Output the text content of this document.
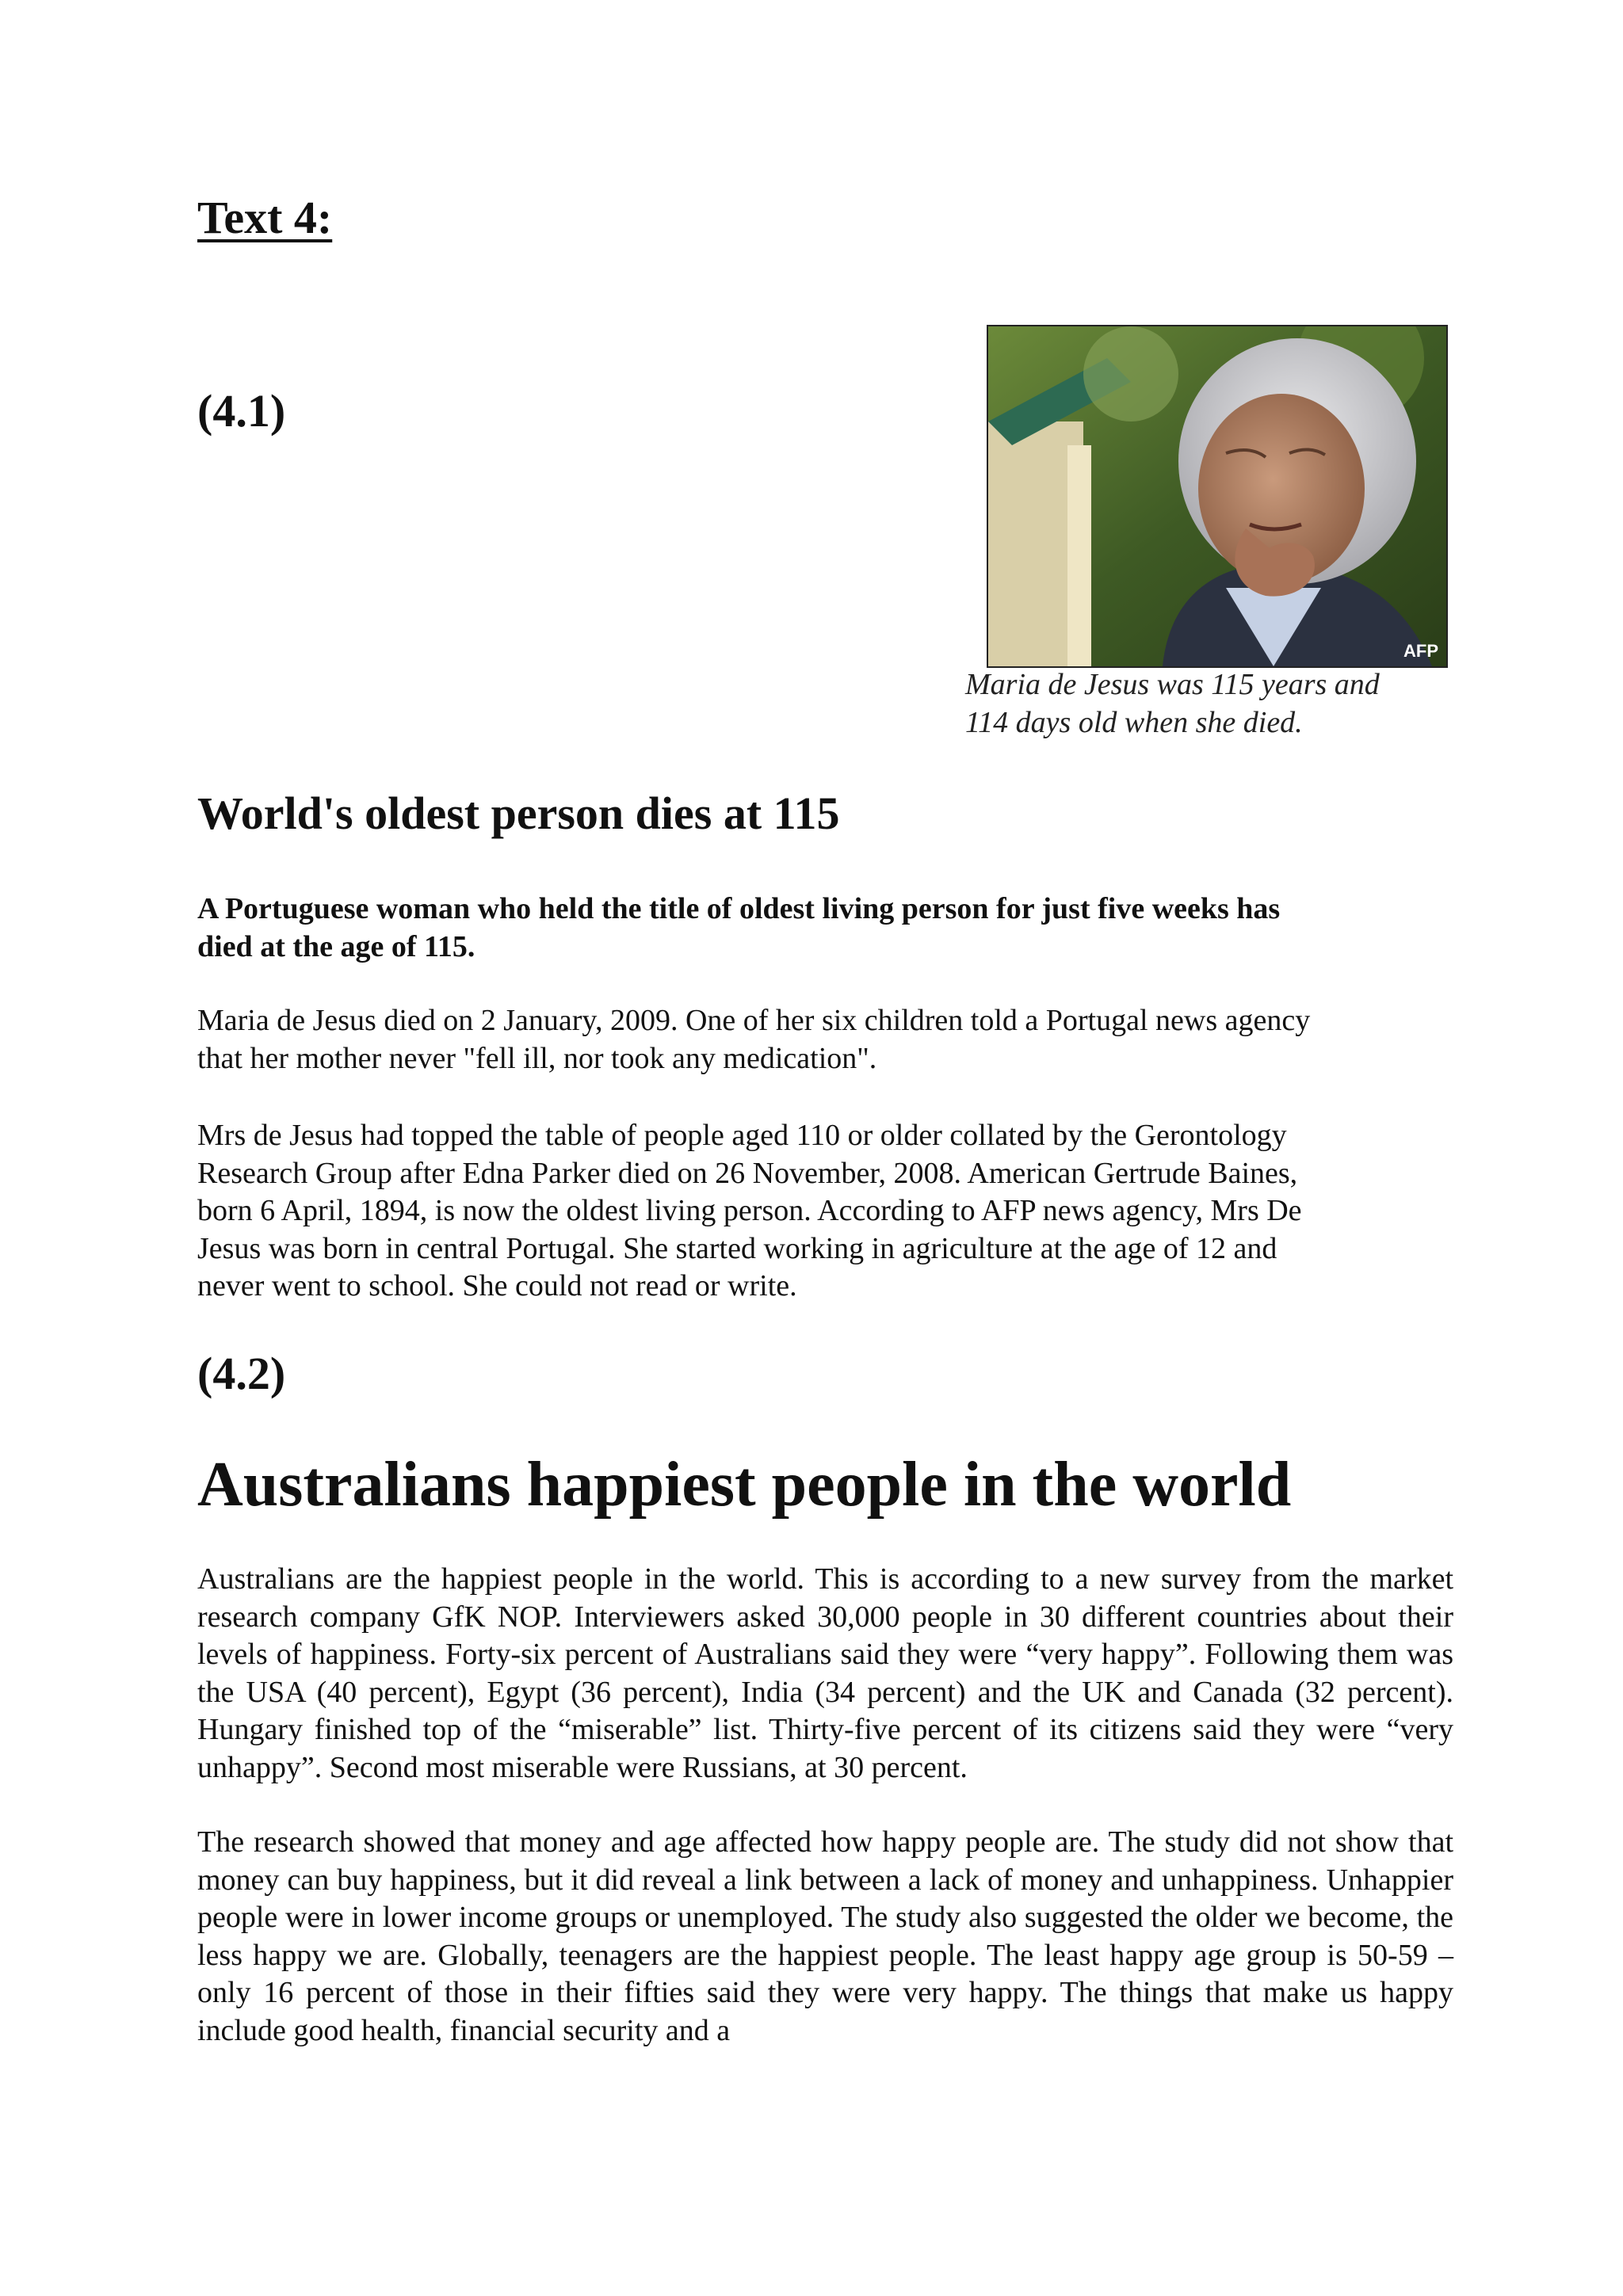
Text 4:
(4.1)
AFP

Maria de Jesus was 115 years and
114 days old when she died.

World's oldest person dies at 115

A Portuguese woman who held the title of oldest living person for just five weeks has
died at the age of 115.

Maria de Jesus died on 2 January, 2009. One of her six children told a Portugal news agency
that her mother never "fell ill, nor took any medication".

Mrs de Jesus had topped the table of people aged 110 or older collated by the Gerontology
Research Group after Edna Parker died on 26 November, 2008. American Gertrude Baines,
born 6 April, 1894, is now the oldest living person. According to AFP news agency, Mrs De
Jesus was born in central Portugal. She started working in agriculture at the age of 12 and
never went to school. She could not read or write.

(4.2)
Australians happiest people in the world

Australians are the happiest people in the world. This is according to a new survey from the market research company GfK NOP. Interviewers asked 30,000 people in 30 different countries about their levels of happiness. Forty-six percent of Australians said they were “very happy”. Following them was the USA (40 percent), Egypt (36 percent), India (34 percent) and the UK and Canada (32 percent). Hungary finished top of the “miserable” list. Thirty-five percent of its citizens said they were “very unhappy”. Second most miserable were Russians, at 30 percent.

The research showed that money and age affected how happy people are. The study did not show that money can buy happiness, but it did reveal a link between a lack of money and unhappiness. Unhappier people were in lower income groups or unemployed. The study also suggested the older we become, the less happy we are. Globally, teenagers are the happiest people. The least happy age group is 50-59 – only 16 percent of those in their fifties said they were very happy. The things that make us happy include good health, financial security and a
